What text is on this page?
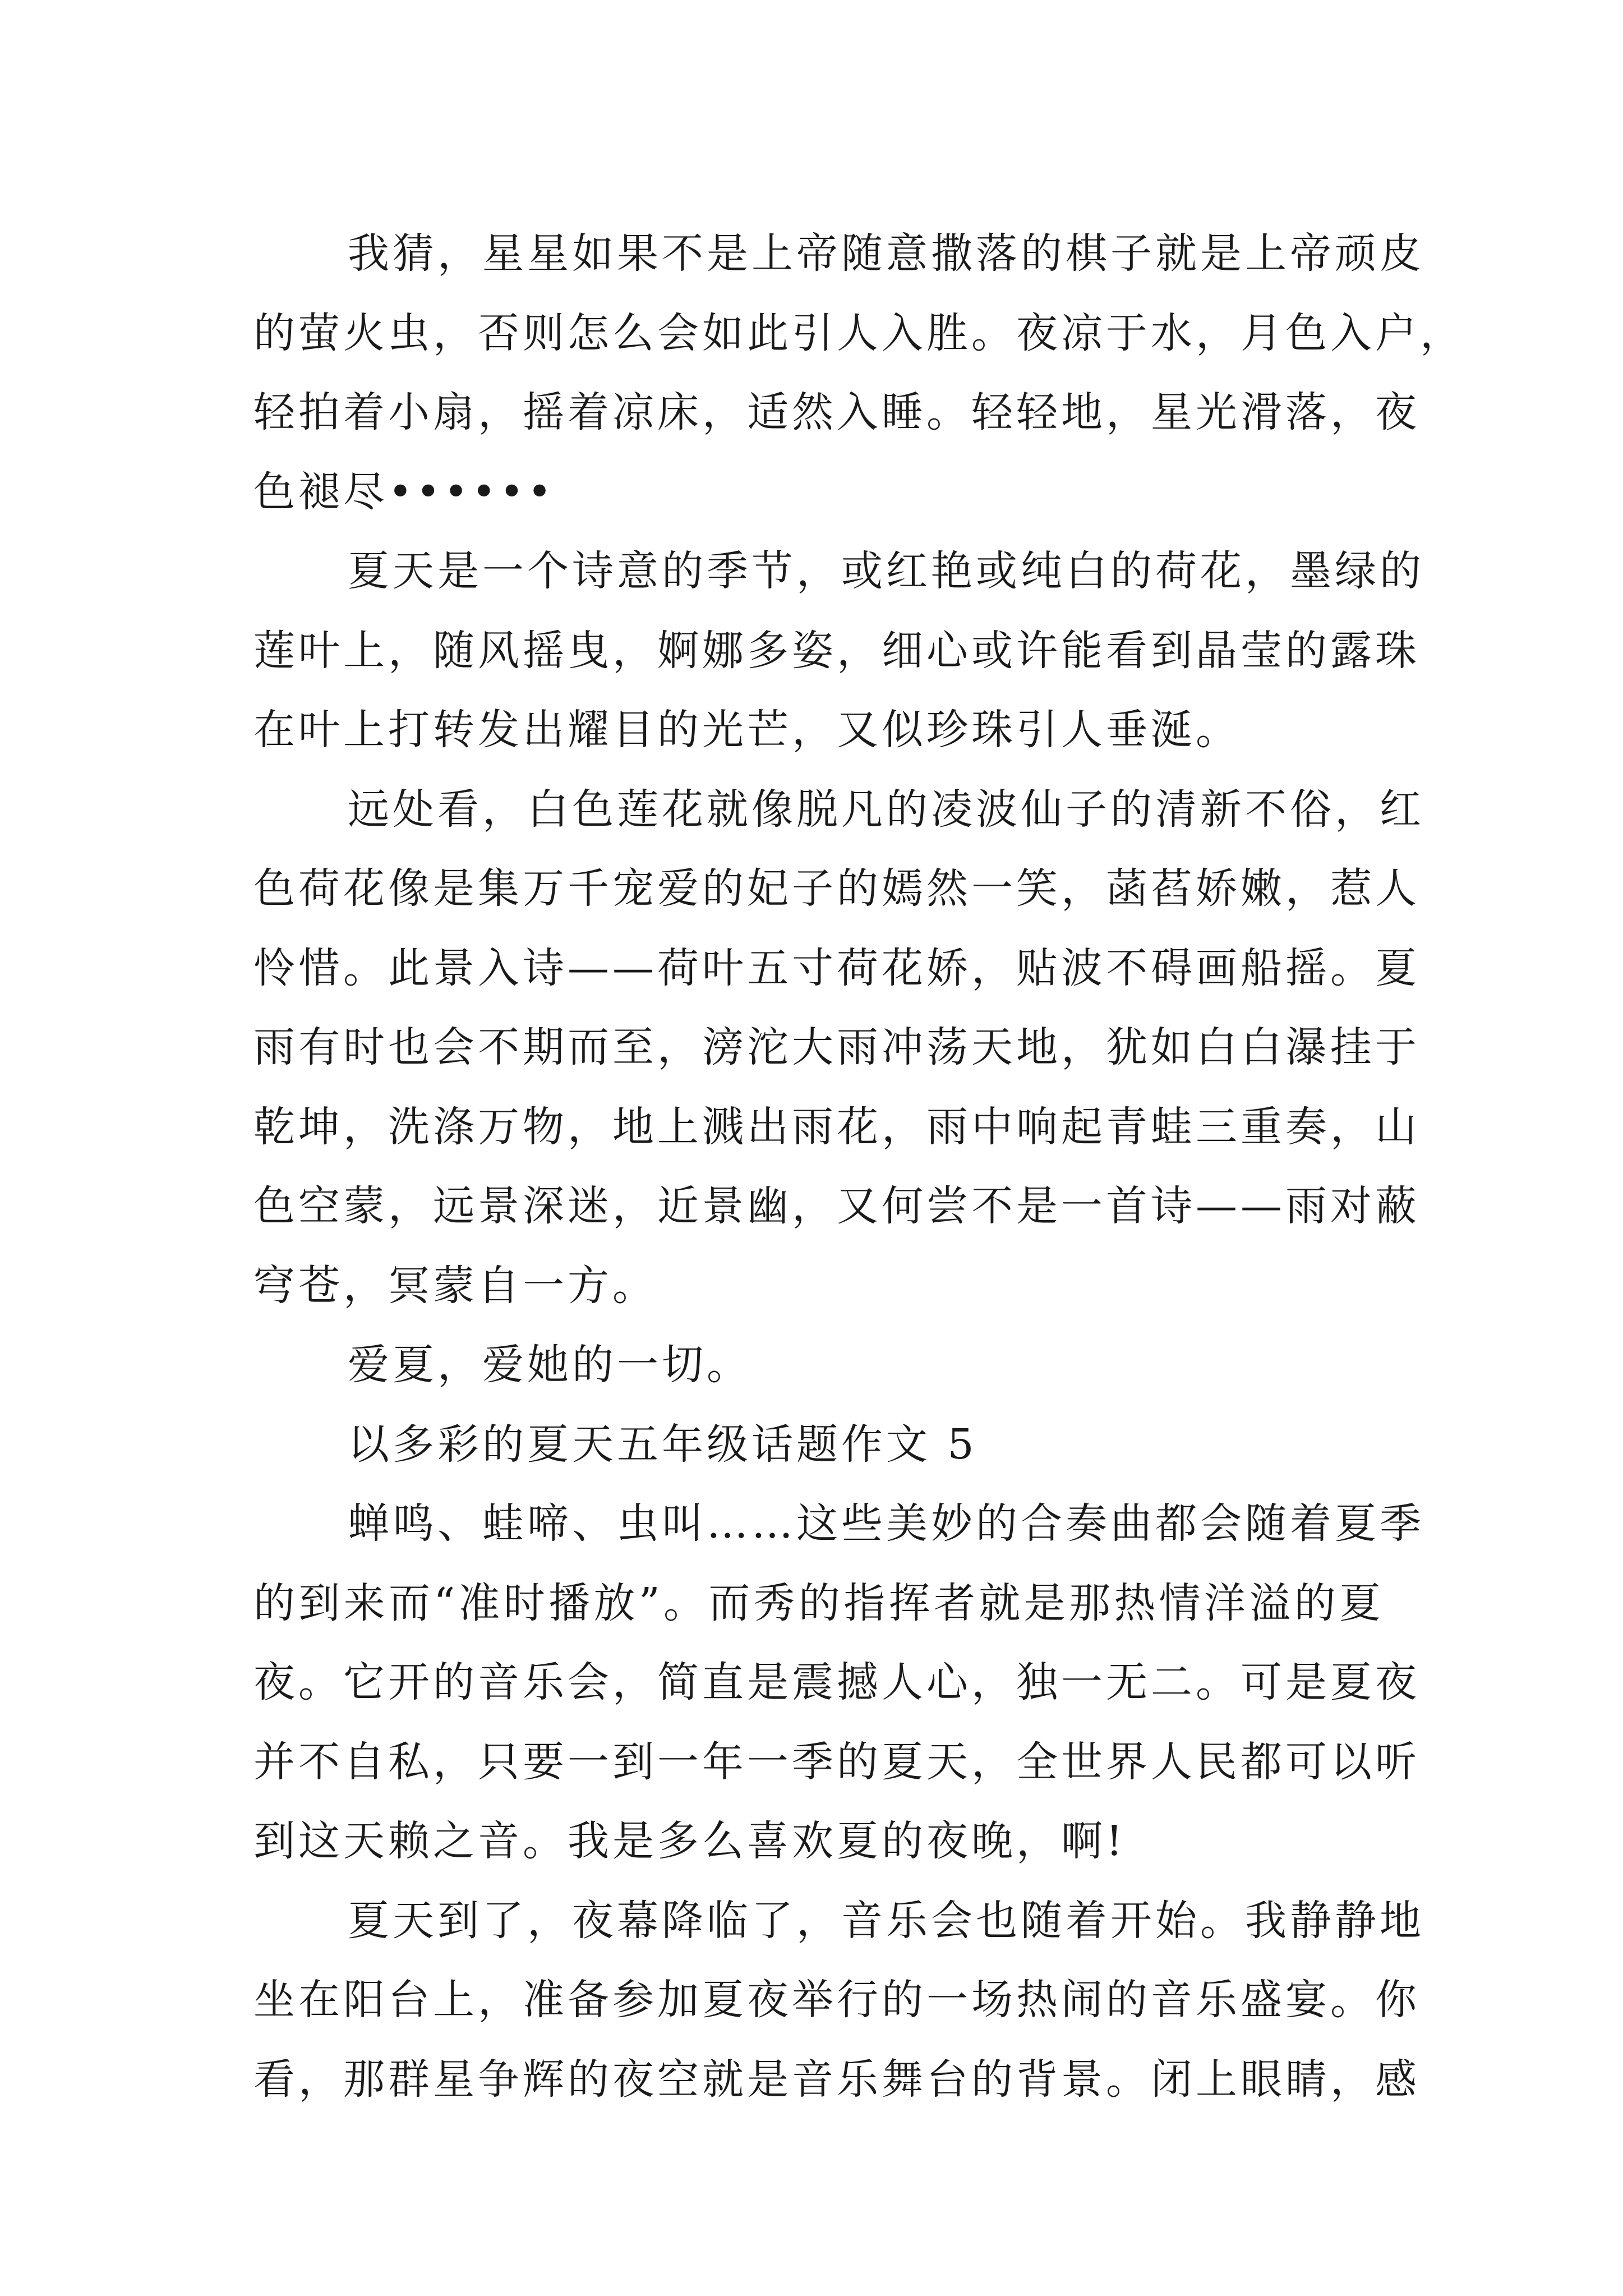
我猜，星星如果不是上帝随意撒落的棋子就是上帝顽皮
的萤火虫，否则怎么会如此引人入胜。夜凉于水，月色入户，
轻拍着小扇，摇着凉床，适然入睡。轻轻地，星光滑落，夜
色褪尽••••••
夏天是一个诗意的季节，或红艳或纯白的荷花，墨绿的
莲叶上，随风摇曳，婀娜多姿，细心或许能看到晶莹的露珠
在叶上打转发出耀目的光芒，又似珍珠引人垂涎。
远处看，白色莲花就像脱凡的凌波仙子的清新不俗，红
色荷花像是集万千宠爱的妃子的嫣然一笑，菡萏娇嫩，惹人
怜惜。此景入诗——荷叶五寸荷花娇，贴波不碍画船摇。夏
雨有时也会不期而至，滂沱大雨冲荡天地，犹如白白瀑挂于
乾坤，洗涤万物，地上溅出雨花，雨中响起青蛙三重奏，山
色空蒙，远景深迷，近景幽，又何尝不是一首诗——雨对蔽
穹苍，冥蒙自一方。
爱夏，爱她的一切。
以多彩的夏天五年级话题作文 5
蝉鸣、蛙啼、虫叫……这些美妙的合奏曲都会随着夏季
的到来而“准时播放”。而秀的指挥者就是那热情洋溢的夏
夜。它开的音乐会，简直是震撼人心，独一无二。可是夏夜
并不自私，只要一到一年一季的夏天，全世界人民都可以听
到这天赖之音。我是多么喜欢夏的夜晚，啊!
夏天到了，夜幕降临了，音乐会也随着开始。我静静地
坐在阳台上，准备参加夏夜举行的一场热闹的音乐盛宴。你
看，那群星争辉的夜空就是音乐舞台的背景。闭上眼睛，感
